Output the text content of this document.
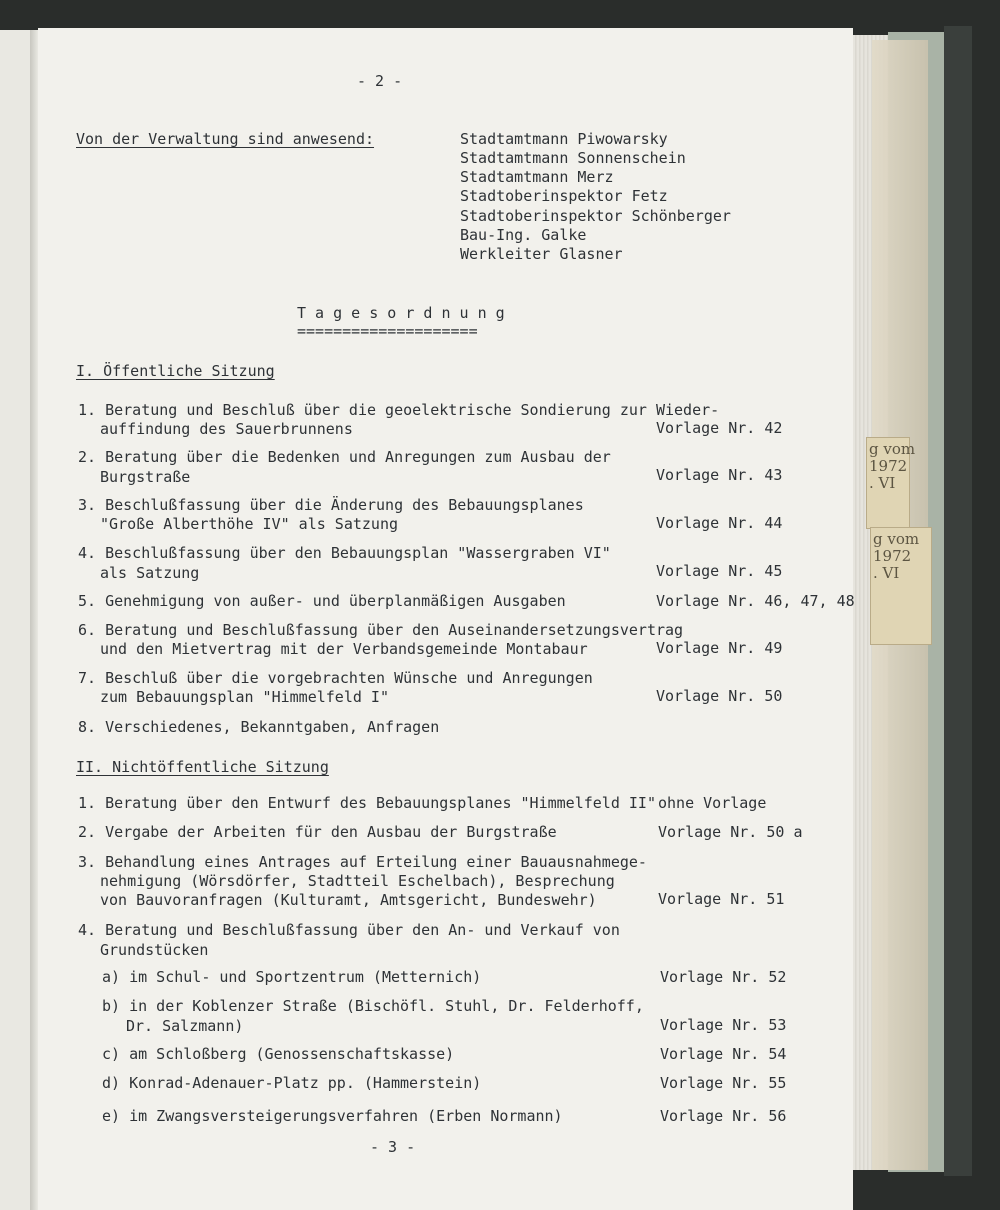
g vom
1972
. VI
g vom
1972
. VI
- 2 -
Von der Verwaltung sind anwesend:	Stadtamtmann Piwowarsky
Stadtamtmann Sonnenschein
Stadtamtmann Merz
Stadtoberinspektor Fetz
Stadtoberinspektor Schönberger
Bau-Ing. Galke
Werkleiter Glasner
T a g e s o r d n u n g
====================
I. Öffentliche Sitzung
1. Beratung und Beschluß über die geoelektrische Sondierung zur Wieder-
auffindung des Sauerbrunnens	Vorlage Nr. 42
2. Beratung über die Bedenken und Anregungen zum Ausbau der
Burgstraße	Vorlage Nr. 43
3. Beschlußfassung über die Änderung des Bebauungsplanes
"Große Alberthöhe IV" als Satzung	Vorlage Nr. 44
4. Beschlußfassung über den Bebauungsplan "Wassergraben VI"
als Satzung	Vorlage Nr. 45
5. Genehmigung von außer- und überplanmäßigen Ausgaben	Vorlage Nr. 46, 47, 48
6. Beratung und Beschlußfassung über den Auseinandersetzungsvertrag
und den Mietvertrag mit der Verbandsgemeinde Montabaur	Vorlage Nr. 49
7. Beschluß über die vorgebrachten Wünsche und Anregungen
zum Bebauungsplan "Himmelfeld I"	Vorlage Nr. 50
8. Verschiedenes, Bekanntgaben, Anfragen
II. Nichtöffentliche Sitzung
1. Beratung über den Entwurf des Bebauungsplanes "Himmelfeld II" ohne Vorlage
2. Vergabe der Arbeiten für den Ausbau der Burgstraße	Vorlage Nr. 50 a
3. Behandlung eines Antrages auf Erteilung einer Bauausnahmege-
nehmigung (Wörsdörfer, Stadtteil Eschelbach), Besprechung
von Bauvoranfragen (Kulturamt, Amtsgericht, Bundeswehr)	Vorlage Nr. 51
4. Beratung und Beschlußfassung über den An- und Verkauf von
Grundstücken
a) im Schul- und Sportzentrum (Metternich)	Vorlage Nr. 52
b) in der Koblenzer Straße (Bischöfl. Stuhl, Dr. Felderhoff,
Dr. Salzmann)	Vorlage Nr. 53
c) am Schloßberg (Genossenschaftskasse)	Vorlage Nr. 54
d) Konrad-Adenauer-Platz pp. (Hammerstein)	Vorlage Nr. 55
e) im Zwangsversteigerungsverfahren (Erben Normann)	Vorlage Nr. 56
- 3 -
